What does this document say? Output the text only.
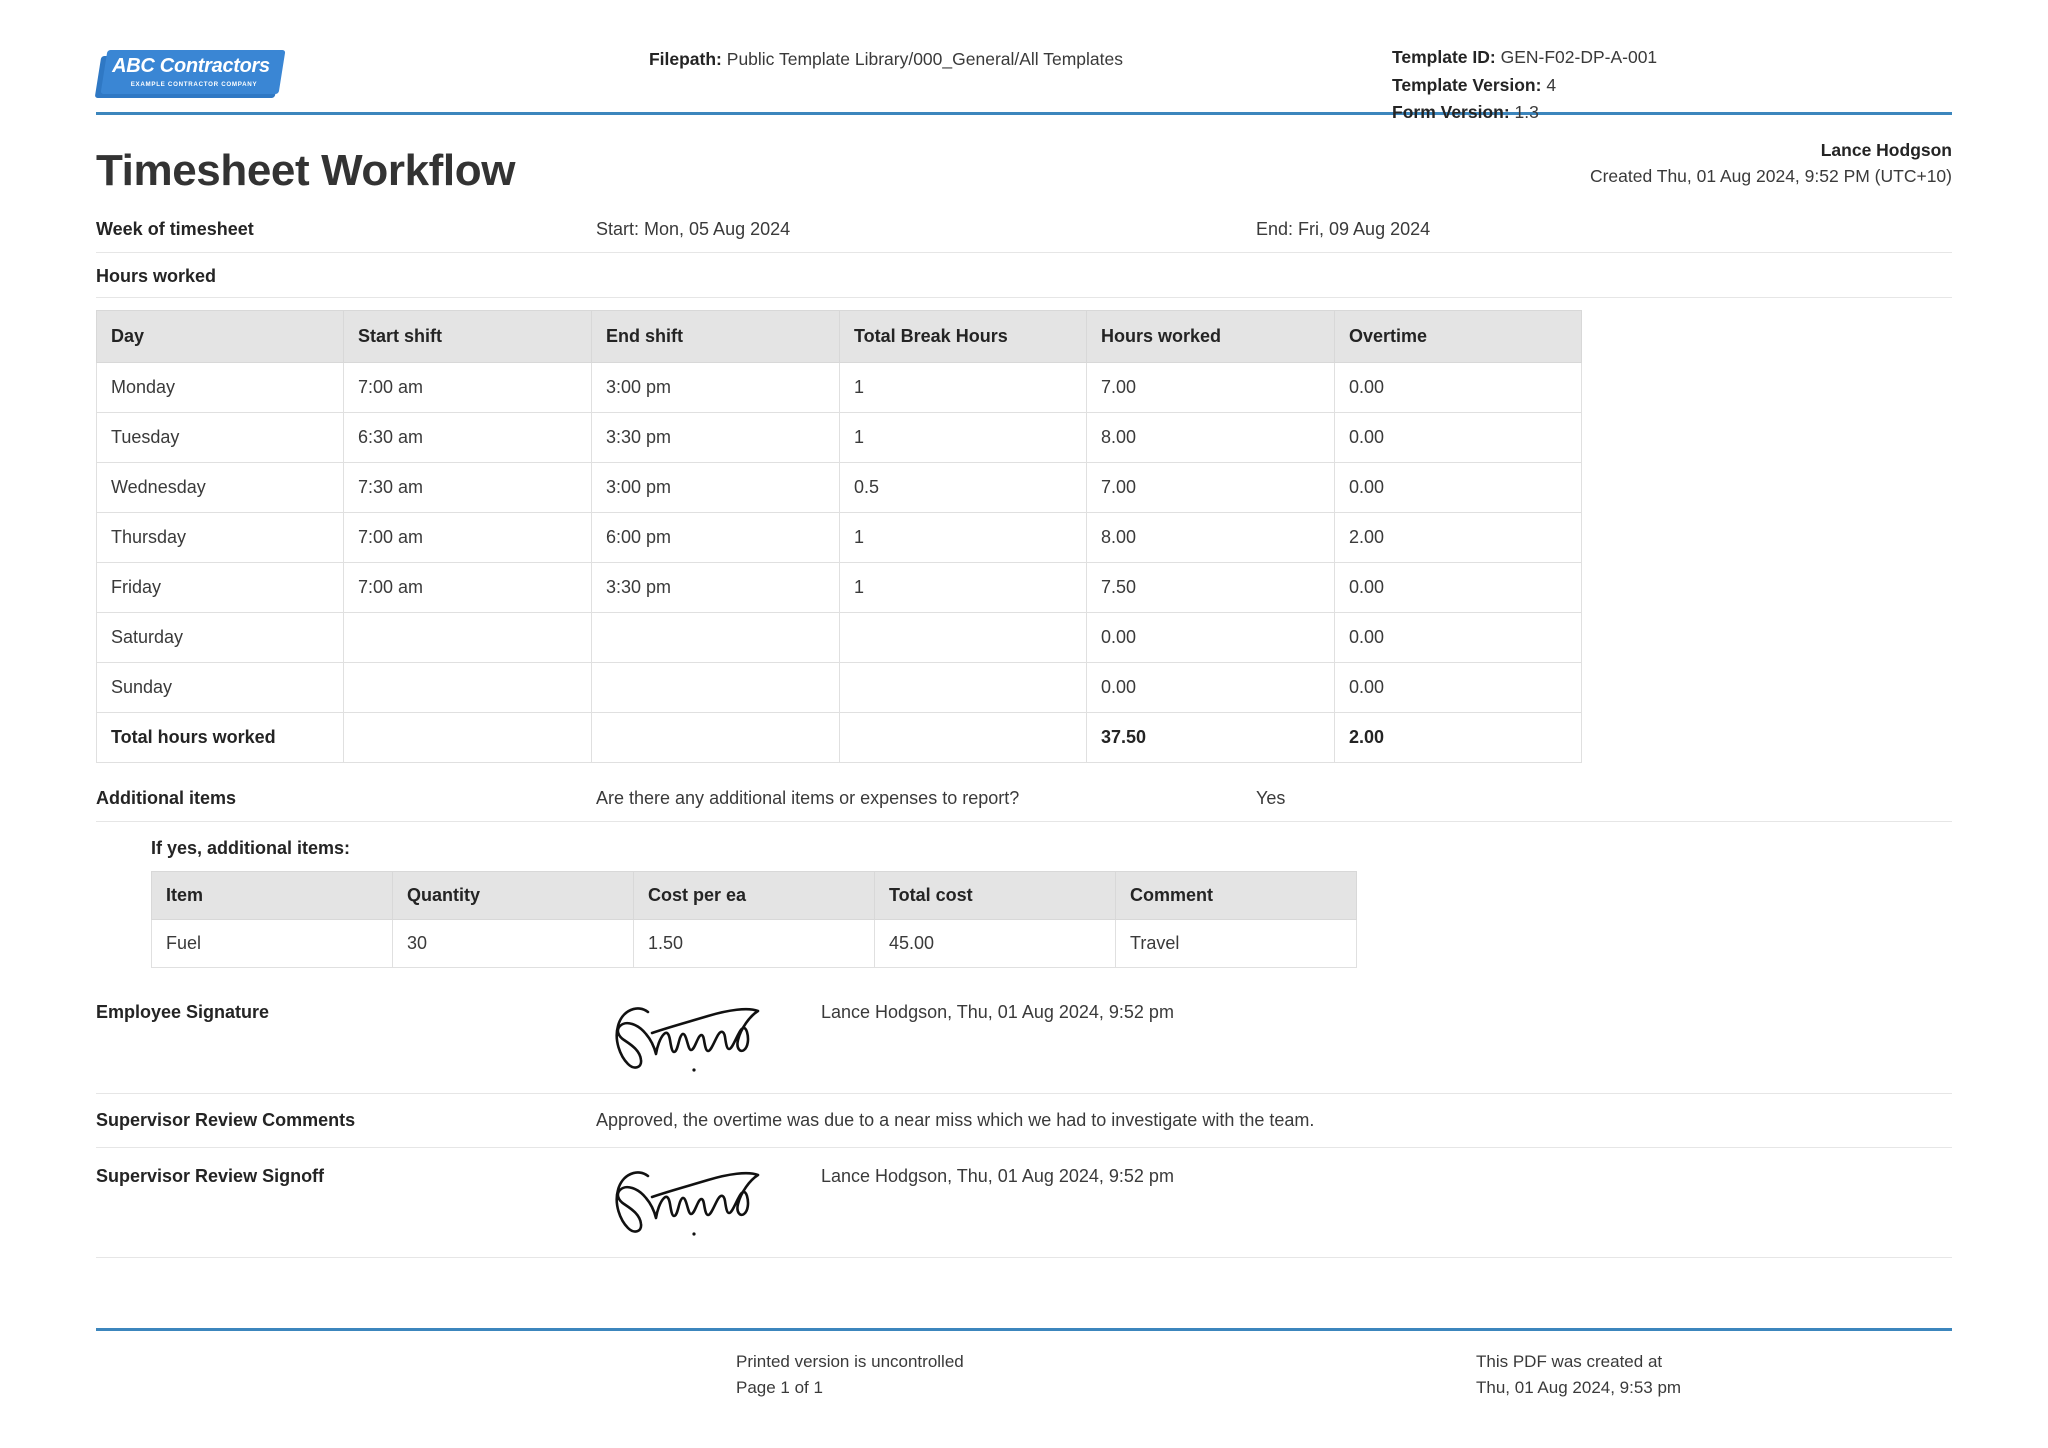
ABC Contractors
EXAMPLE CONTRACTOR COMPANY
Filepath: Public Template Library/000_General/All Templates	Template ID: GEN-F02-DP-A-001
Template Version: 4
Form Version: 1.3
Timesheet Workflow	Lance Hodgson
Created Thu, 01 Aug 2024, 9:52 PM (UTC+10)
Week of timesheet	Start: Mon, 05 Aug 2024	End: Fri, 09 Aug 2024
Hours worked
Day	Start shift	End shift	Total Break Hours	Hours worked	Overtime
Monday	7:00 am	3:00 pm	1	7.00	0.00
Tuesday	6:30 am	3:30 pm	1	8.00	0.00
Wednesday	7:30 am	3:00 pm	0.5	7.00	0.00
Thursday	7:00 am	6:00 pm	1	8.00	2.00
Friday	7:00 am	3:30 pm	1	7.50	0.00
Saturday				0.00	0.00
Sunday				0.00	0.00
Total hours worked				37.50	2.00
Additional items	Are there any additional items or expenses to report?	Yes
If yes, additional items:
Item	Quantity	Cost per ea	Total cost	Comment
Fuel	30	1.50	45.00	Travel
Employee Signature	Lance Hodgson, Thu, 01 Aug 2024, 9:52 pm
Supervisor Review Comments	Approved, the overtime was due to a near miss which we had to investigate with the team.
Supervisor Review Signoff	Lance Hodgson, Thu, 01 Aug 2024, 9:52 pm
Printed version is uncontrolled
Page 1 of 1
This PDF was created at
Thu, 01 Aug 2024, 9:53 pm
